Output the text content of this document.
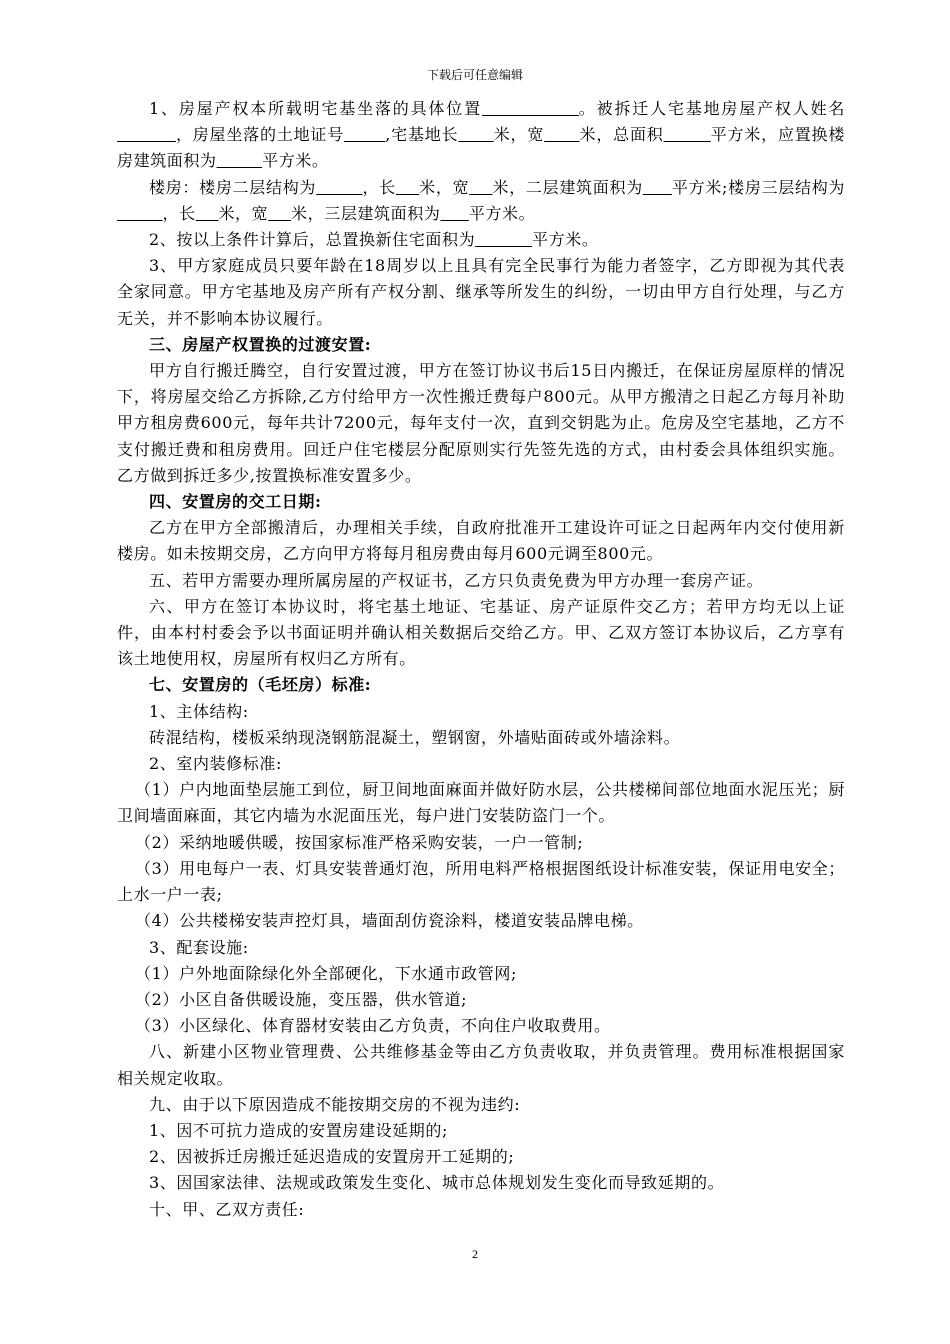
下载后可任意编辑

1、房屋产权本所载明宅基坐落的具体位置	。被拆迁人宅基地房屋产权人姓名          ，房屋坐落的土地证号	,宅基地长 米，宽 米，总面积	平方米，应置换楼房建筑面积为	平方米。

楼房：楼房二层结构为	，长 米，宽 米，二层建筑面积为 平方米;楼房三层结构为        ，长 米，宽 米，三层建筑面积为 平方米。

2、按以上条件计算后，总置换新住宅面积为	平方米。

3、甲方家庭成员只要年龄在18周岁以上且具有完全民事行为能力者签字，乙方即视为其代表全家同意。甲方宅基地及房产所有产权分割、继承等所发生的纠纷，一切由甲方自行处理，与乙方无关，并不影响本协议履行。

三、房屋产权置换的过渡安置:

甲方自行搬迁腾空，自行安置过渡，甲方在签订协议书后15日内搬迁，在保证房屋原样的情况下，将房屋交给乙方拆除,乙方付给甲方一次性搬迁费每户800元。从甲方搬清之日起乙方每月补助甲方租房费600元，每年共计7200元，每年支付一次，直到交钥匙为止。危房及空宅基地，乙方不支付搬迁费和租房费用。回迁户住宅楼层分配原则实行先签先选的方式，由村委会具体组织实施。乙方做到拆迁多少,按置换标准安置多少。

四、安置房的交工日期:

乙方在甲方全部搬清后，办理相关手续，自政府批准开工建设许可证之日起两年内交付使用新楼房。如未按期交房，乙方向甲方将每月租房费由每月600元调至800元。

五、若甲方需要办理所属房屋的产权证书，乙方只负责免费为甲方办理一套房产证。

六、甲方在签订本协议时，将宅基土地证、宅基证、房产证原件交乙方；若甲方均无以上证件，由本村村委会予以书面证明并确认相关数据后交给乙方。甲、乙双方签订本协议后，乙方享有该土地使用权，房屋所有权归乙方所有。

七、安置房的（毛坯房）标准:

1、主体结构:

砖混结构，楼板采纳现浇钢筋混凝土，塑钢窗，外墙贴面砖或外墙涂料。

2、室内装修标准:

（1）户内地面垫层施工到位，厨卫间地面麻面并做好防水层，公共楼梯间部位地面水泥压光；厨卫间墙面麻面，其它内墙为水泥面压光，每户进门安装防盗门一个。

（2）采纳地暖供暖，按国家标准严格采购安装，一户一管制;

（3）用电每户一表、灯具安装普通灯泡，所用电料严格根据图纸设计标准安装，保证用电安全；上水一户一表;

（4）公共楼梯安装声控灯具，墙面刮仿瓷涂料，楼道安装品牌电梯。

3、配套设施:

（1）户外地面除绿化外全部硬化，下水通市政管网;

（2）小区自备供暖设施，变压器，供水管道;

（3）小区绿化、体育器材安装由乙方负责，不向住户收取费用。

八、新建小区物业管理费、公共维修基金等由乙方负责收取，并负责管理。费用标准根据国家相关规定收取。

九、由于以下原因造成不能按期交房的不视为违约:

1、因不可抗力造成的安置房建设延期的;

2、因被拆迁房搬迁延迟造成的安置房开工延期的;

3、因国家法律、法规或政策发生变化、城市总体规划发生变化而导致延期的。

十、甲、乙双方责任:

2
